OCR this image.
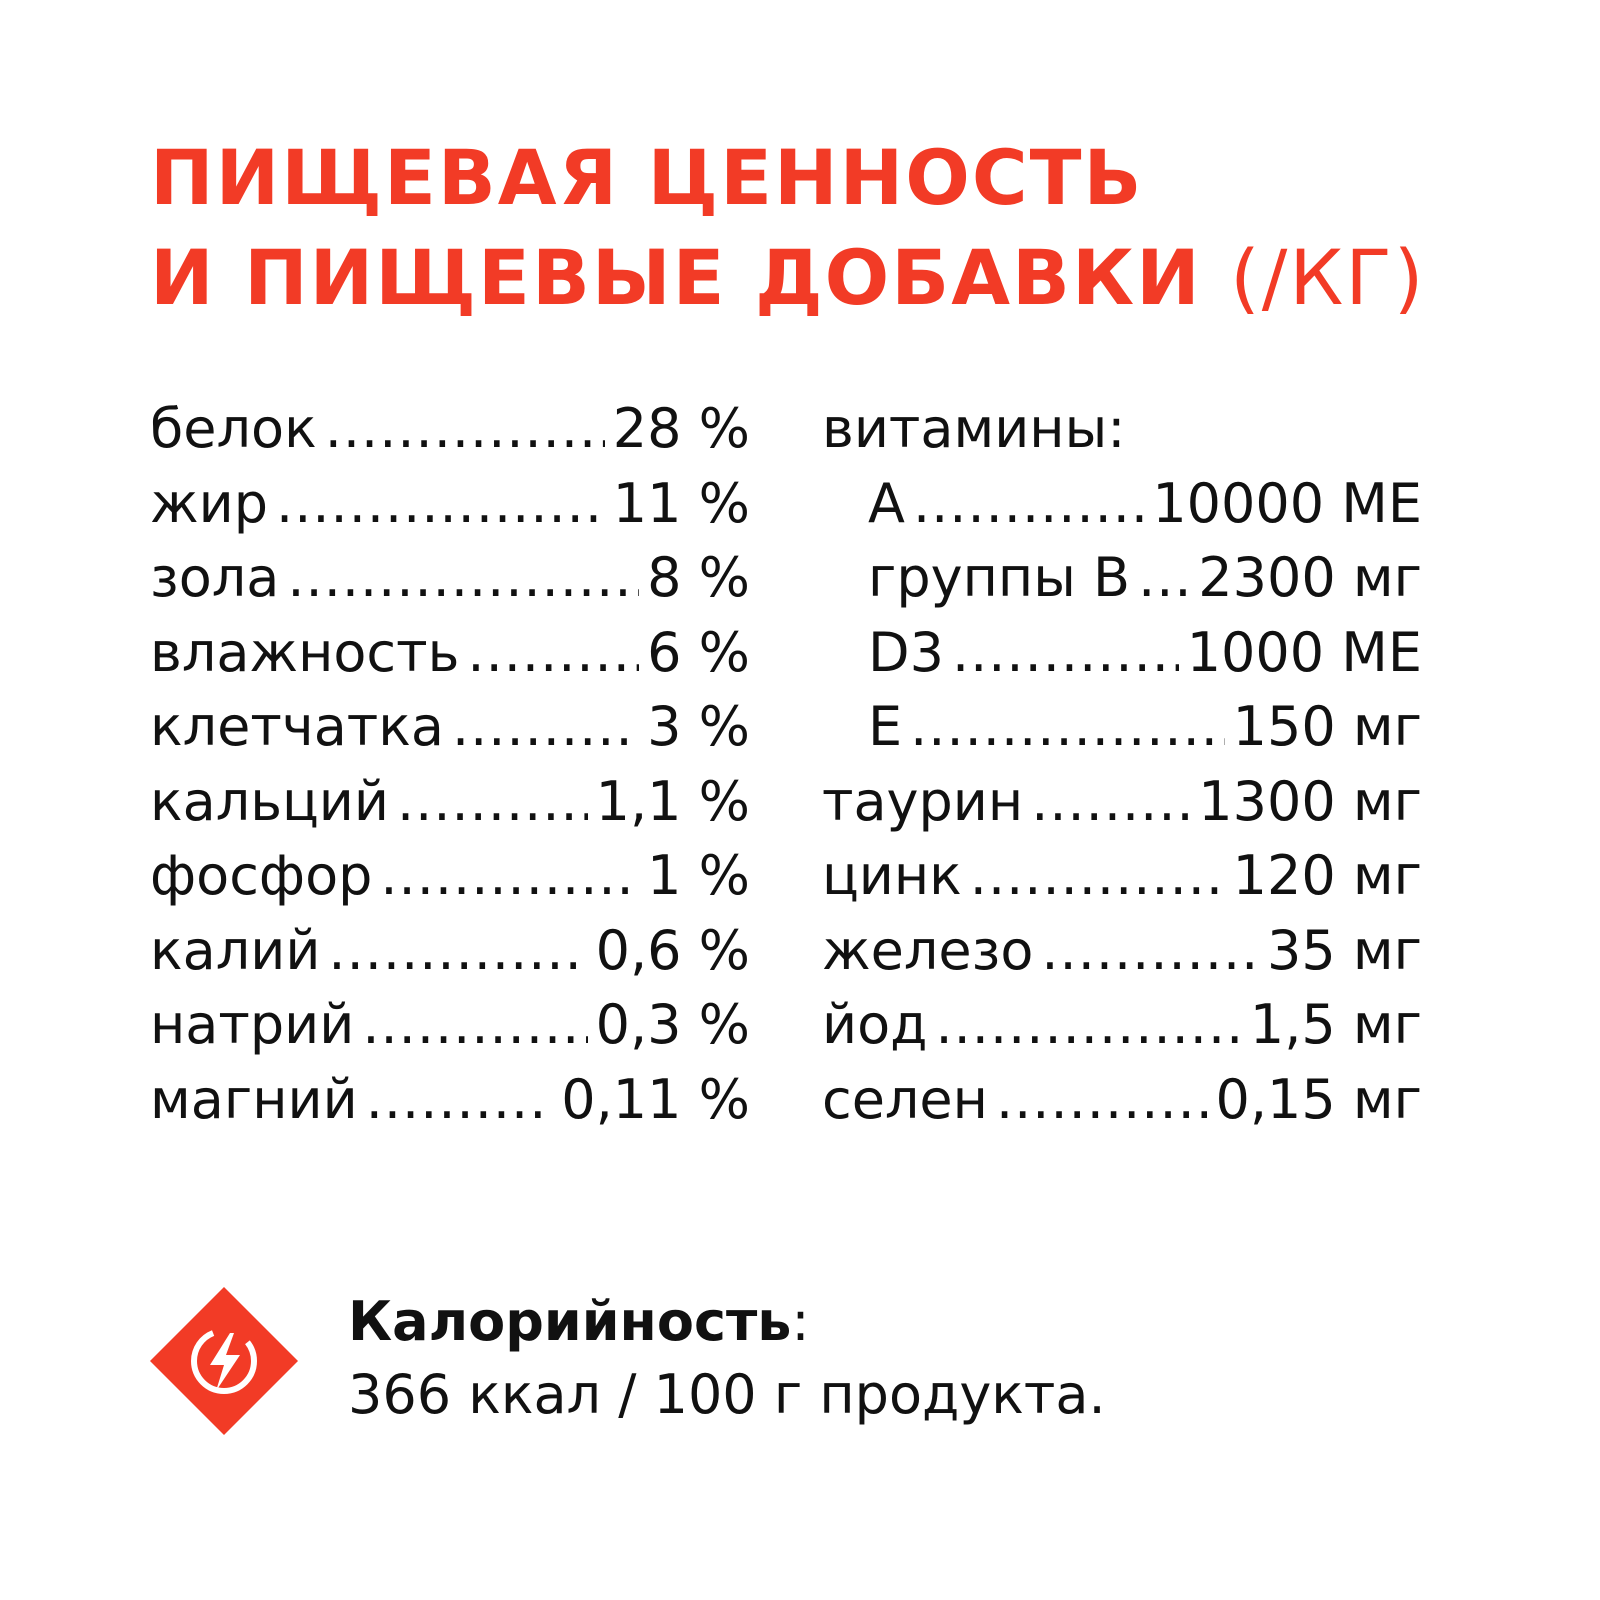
ПИЩЕВАЯ ЦЕННОСТЬ
И ПИЩЕВЫЕ ДОБАВКИ (/КГ)
белок .....	28 %
жир .....	11 %
зола .....	8 %
влажность .....	6 %
клетчатка .....	3 %
кальций .....	1,1 %
фосфор .....	1 %
калий .....	0,6 %
натрий .....	0,3 %
магний .....	0,11 %
витамины:
A .....	10000 МЕ
группы B ..... 2300 мг
D3 .....	1000 МЕ
E .....	150 мг
таурин .....	1300 мг
цинк .....	120 мг
железо .....	35 мг
йод .....	1,5 мг
селен .....	0,15 мг
Калорийность:
366 ккал / 100 г продукта.
